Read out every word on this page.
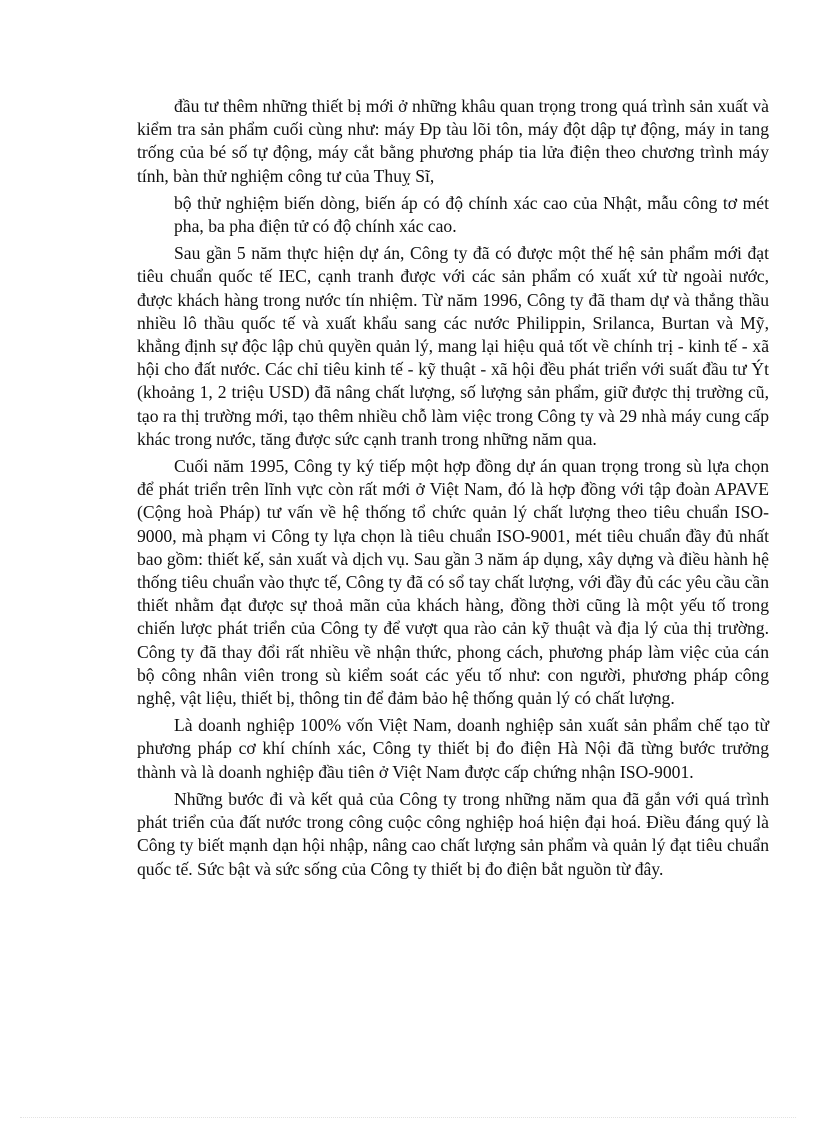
đầu tư thêm những thiết bị mới ở những khâu quan trọng trong quá trình sản xuất và kiểm tra sản phẩm cuối cùng như: máy Đp tàu lõi tôn, máy đột dập tự động, máy in tang trống của bé số tự động, máy cắt bằng phương pháp tia lửa điện theo chương trình máy tính, bàn thử nghiệm công tư của Thuỵ Sĩ,

bộ thử nghiệm biến dòng, biến áp có độ chính xác cao của Nhật, mẫu công tơ mét pha, ba pha điện tử có độ chính xác cao.

Sau gần 5 năm thực hiện dự án, Công ty đã có được một thế hệ sản phẩm mới đạt tiêu chuẩn quốc tế IEC, cạnh tranh được với các sản phẩm có xuất xứ từ ngoài nước, được khách hàng trong nước tín nhiệm. Từ năm 1996, Công ty đã tham dự và thắng thầu nhiều lô thầu quốc tế và xuất khẩu sang các nước Philippin, Srilanca, Burtan và Mỹ, khẳng định sự độc lập chủ quyền quản lý, mang lại hiệu quả tốt về chính trị - kinh tế - xã hội cho đất nước. Các chỉ tiêu kinh tế - kỹ thuật - xã hội đều phát triển với suất đầu tư Ýt (khoảng 1, 2 triệu USD) đã nâng chất lượng, số lượng sản phẩm, giữ được thị trường cũ, tạo ra thị trường mới, tạo thêm nhiều chỗ làm việc trong Công ty và 29 nhà máy cung cấp khác trong nước, tăng được sức cạnh tranh trong những năm qua.

Cuối năm 1995, Công ty ký tiếp một hợp đồng dự án quan trọng trong sù lựa chọn để phát triển trên lĩnh vực còn rất mới ở Việt Nam, đó là hợp đồng với tập đoàn APAVE (Cộng hoà Pháp) tư vấn về hệ thống tổ chức quản lý chất lượng theo tiêu chuẩn ISO-9000, mà phạm vi Công ty lựa chọn là tiêu chuẩn ISO-9001, mét tiêu chuẩn đầy đủ nhất bao gồm: thiết kế, sản xuất và dịch vụ. Sau gần 3 năm áp dụng, xây dựng và điều hành hệ thống tiêu chuẩn vào thực tế, Công ty đã có sổ tay chất lượng, với đầy đủ các yêu cầu cần thiết nhằm đạt được sự thoả mãn của khách hàng, đồng thời cũng là một yếu tố trong chiến lược phát triển của Công ty để vượt qua rào cản kỹ thuật và địa lý của thị trường. Công ty đã thay đổi rất nhiều về nhận thức, phong cách, phương pháp làm việc của cán bộ công nhân viên trong sù kiểm soát các yếu tố như: con người, phương pháp công nghệ, vật liệu, thiết bị, thông tin để đảm bảo hệ thống quản lý có chất lượng.

Là doanh nghiệp 100% vốn Việt Nam, doanh nghiệp sản xuất sản phẩm chế tạo từ phương pháp cơ khí chính xác, Công ty thiết bị đo điện Hà Nội đã từng bước trưởng thành và là doanh nghiệp đầu tiên ở Việt Nam được cấp chứng nhận ISO-9001.

Những bước đi và kết quả của Công ty trong những năm qua đã gắn với quá trình phát triển của đất nước trong công cuộc công nghiệp hoá hiện đại hoá. Điều đáng quý là Công ty biết mạnh dạn hội nhập, nâng cao chất lượng sản phẩm và quản lý đạt tiêu chuẩn quốc tế. Sức bật và sức sống của Công ty thiết bị đo điện bắt nguồn từ đây.
